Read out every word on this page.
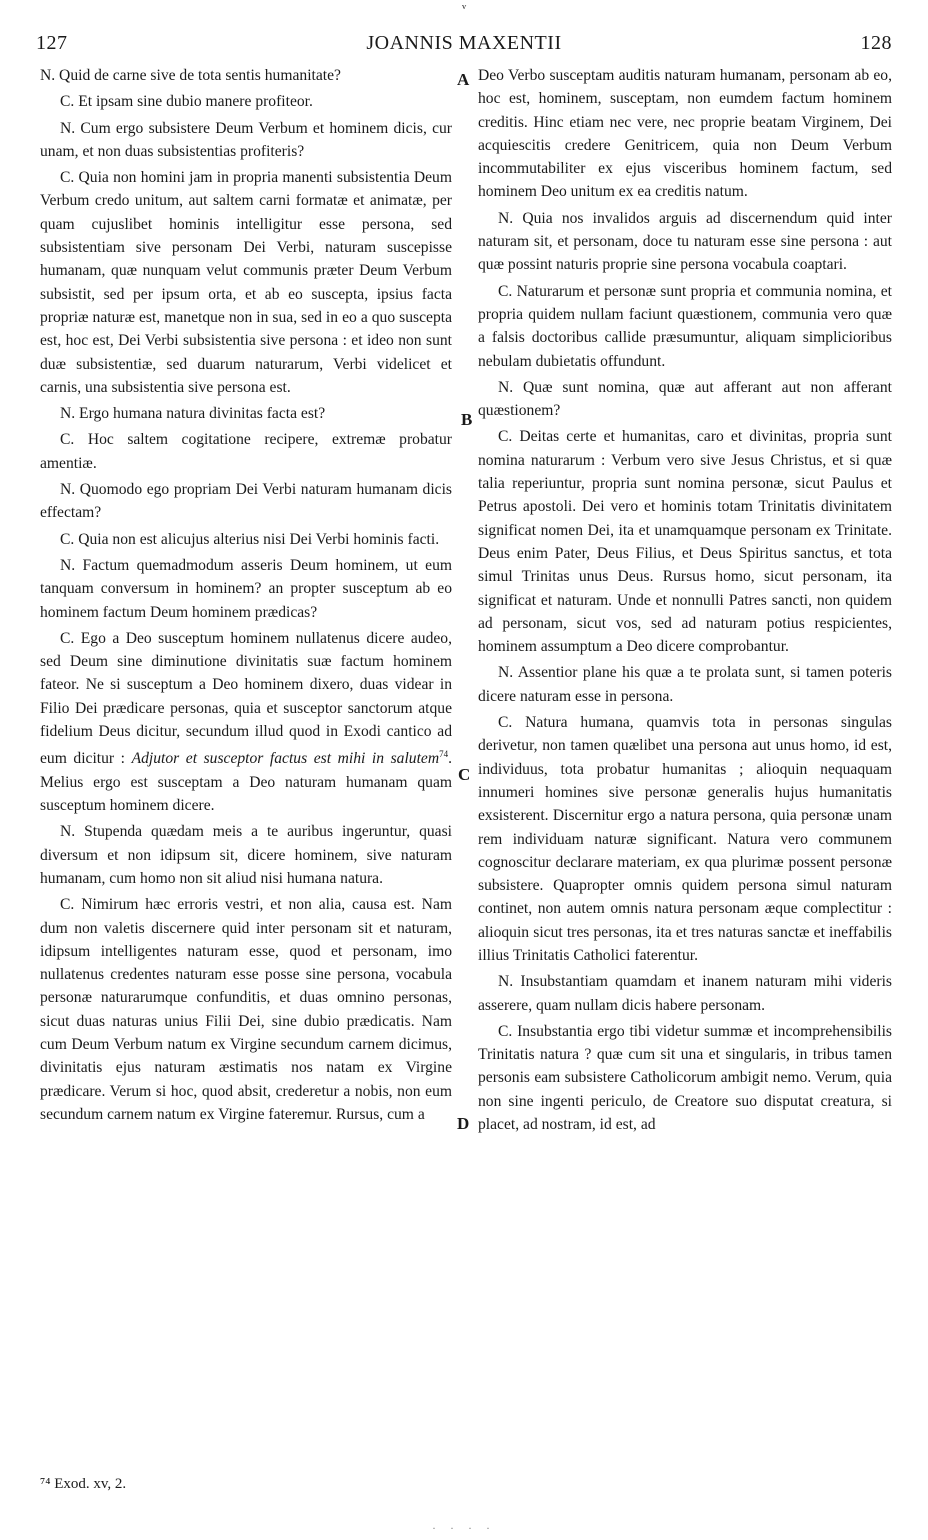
ᵛ
127	JOANNIS MAXENTII	128

N. Quid de carne sive de tota sentis humanitate?

C. Et ipsam sine dubio manere profiteor.

N. Cum ergo subsistere Deum Verbum et hominem dicis, cur unam, et non duas subsistentias profiteris?

C. Quia non homini jam in propria manenti subsistentia Deum Verbum credo unitum, aut saltem carni formatæ et animatæ, per quam cujuslibet hominis intelligitur esse persona, sed subsistentiam sive personam Dei Verbi, naturam suscepisse humanam, quæ nunquam velut communis præter Deum Verbum subsistit, sed per ipsum orta, et ab eo suscepta, ipsius facta propriæ naturæ est, manetque non in sua, sed in eo a quo suscepta est, hoc est, Dei Verbi subsistentia sive persona : et ideo non sunt duæ subsistentiæ, sed duarum naturarum, Verbi videlicet et carnis, una subsistentia sive persona est.

N. Ergo humana natura divinitas facta est?

C. Hoc saltem cogitatione recipere, extremæ probatur amentiæ.

N. Quomodo ego propriam Dei Verbi naturam humanam dicis effectam?

C. Quia non est alicujus alterius nisi Dei Verbi hominis facti.

N. Factum quemadmodum asseris Deum hominem, ut eum tanquam conversum in hominem? an propter susceptum ab eo hominem factum Deum hominem prædicas?

C. Ego a Deo susceptum hominem nullatenus dicere audeo, sed Deum sine diminutione divinitatis suæ factum hominem fateor. Ne si susceptum a Deo hominem dixero, duas videar in Filio Dei prædicare personas, quia et susceptor sanctorum atque fidelium Deus dicitur, secundum illud quod in Exodi cantico ad eum dicitur : Adjutor et susceptor factus est mihi in salutem$^{74}$. Melius ergo est susceptam a Deo naturam humanam quam susceptum hominem dicere.

N. Stupenda quædam meis a te auribus ingeruntur, quasi diversum et non idipsum sit, dicere hominem, sive naturam humanam, cum homo non sit aliud nisi humana natura.

C. Nimirum hæc erroris vestri, et non alia, causa est. Nam dum non valetis discernere quid inter personam sit et naturam, idipsum intelligentes naturam esse, quod et personam, imo nullatenus credentes naturam esse posse sine persona, vocabula personæ naturarumque confunditis, et duas omnino personas, sicut duas naturas unius Filii Dei, sine dubio prædicatis. Nam cum Deum Verbum natum ex Virgine secundum carnem dicimus, divinitatis ejus naturam æstimatis nos natam ex Virgine prædicare. Verum si hoc, quod absit, crederetur a nobis, non eum secundum carnem natum ex Virgine fateremur. Rursus, cum a

Deo Verbo susceptam auditis naturam humanam, personam ab eo, hoc est, hominem, susceptam, non eumdem factum hominem creditis. Hinc etiam nec vere, nec proprie beatam Virginem, Dei acquiescitis credere Genitricem, quia non Deum Verbum incommutabiliter ex ejus visceribus hominem factum, sed hominem Deo unitum ex ea creditis natum.

N. Quia nos invalidos arguis ad discernendum quid inter naturam sit, et personam, doce tu naturam esse sine persona : aut quæ possint naturis proprie sine persona vocabula coaptari.

C. Naturarum et personæ sunt propria et communia nomina, et propria quidem nullam faciunt quæstionem, communia vero quæ a falsis doctoribus callide præsumuntur, aliquam simplicioribus nebulam dubietatis offundunt.

N. Quæ sunt nomina, quæ aut afferant aut non afferant quæstionem?

C. Deitas certe et humanitas, caro et divinitas, propria sunt nomina naturarum : Verbum vero sive Jesus Christus, et si quæ talia reperiuntur, propria sunt nomina personæ, sicut Paulus et Petrus apostoli. Dei vero et hominis totam Trinitatis divinitatem significat nomen Dei, ita et unamquamque personam ex Trinitate. Deus enim Pater, Deus Filius, et Deus Spiritus sanctus, et tota simul Trinitas unus Deus. Rursus homo, sicut personam, ita significat et naturam. Unde et nonnulli Patres sancti, non quidem ad personam, sicut vos, sed ad naturam potius respicientes, hominem assumptum a Deo dicere comprobantur.

N. Assentior plane his quæ a te prolata sunt, si tamen poteris dicere naturam esse in persona.

C. Natura humana, quamvis tota in personas singulas derivetur, non tamen quælibet una persona aut unus homo, id est, individuus, tota probatur humanitas ; alioquin nequaquam innumeri homines sive personæ generalis hujus humanitatis exsisterent. Discernitur ergo a natura persona, quia personæ unam rem individuam naturæ significant. Natura vero communem cognoscitur declarare materiam, ex qua plurimæ possent personæ subsistere. Quapropter omnis quidem persona simul naturam continet, non autem omnis natura personam æque complectitur : alioquin sicut tres personas, ita et tres naturas sanctæ et ineffabilis illius Trinitatis Catholici faterentur.

N. Insubstantiam quamdam et inanem naturam mihi videris asserere, quam nullam dicis habere personam.

C. Insubstantia ergo tibi videtur summæ et incomprehensibilis Trinitatis natura ? quæ cum sit una et singularis, in tribus tamen personis eam subsistere Catholicorum ambigit nemo. Verum, quia non sine ingenti periculo, de Creatore suo disputat creatura, si placet, ad nostram, id est, ad

A
B
C
D
⁷⁴ Exod. xv, 2.
. . . .
